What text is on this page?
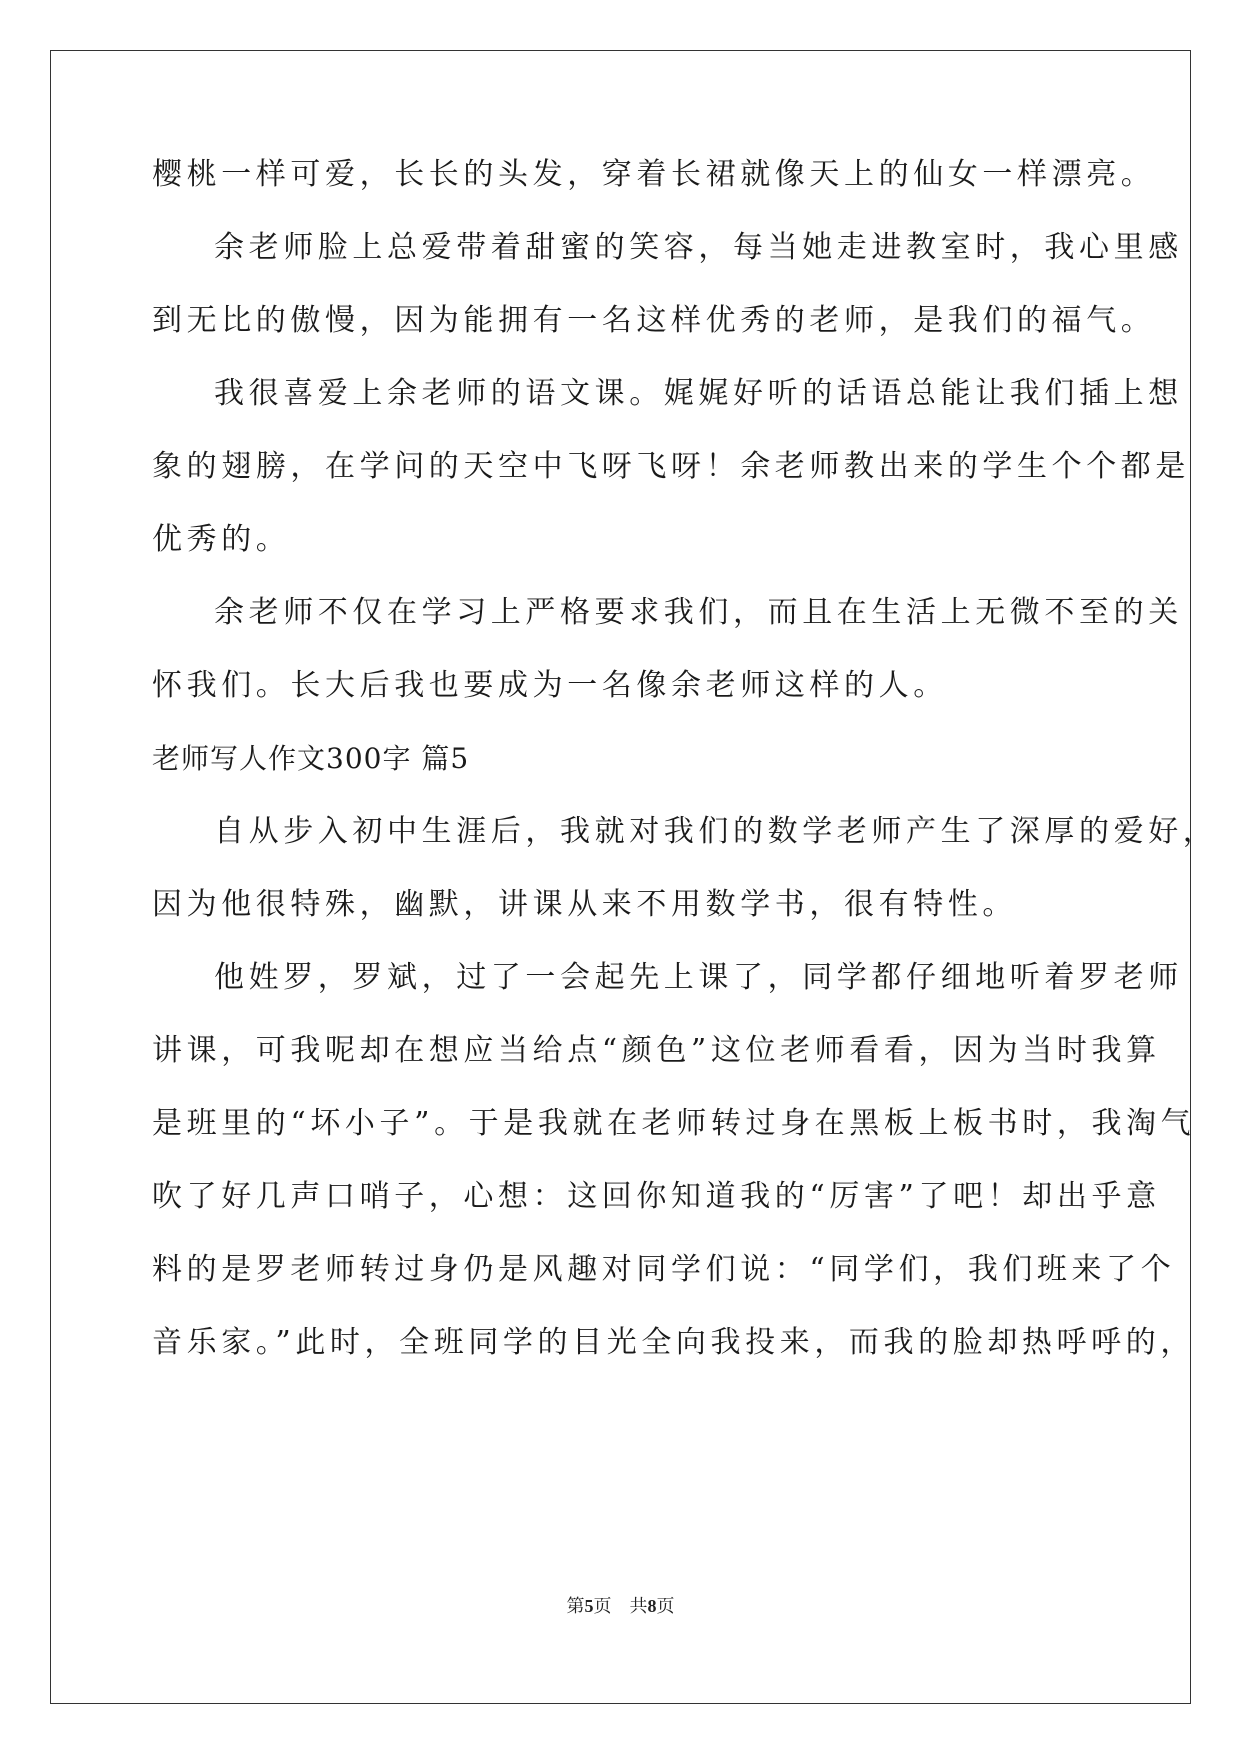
樱桃一样可爱，长长的头发，穿着长裙就像天上的仙女一样漂亮。
余老师脸上总爱带着甜蜜的笑容，每当她走进教室时，我心里感
到无比的傲慢，因为能拥有一名这样优秀的老师，是我们的福气。
我很喜爱上余老师的语文课。娓娓好听的话语总能让我们插上想
象的翅膀，在学问的天空中飞呀飞呀！余老师教出来的学生个个都是
优秀的。
余老师不仅在学习上严格要求我们，而且在生活上无微不至的关
怀我们。长大后我也要成为一名像余老师这样的人。
老师写人作文300字 篇5
自从步入初中生涯后，我就对我们的数学老师产生了深厚的爱好，
因为他很特殊，幽默，讲课从来不用数学书，很有特性。
他姓罗，罗斌，过了一会起先上课了，同学都仔细地听着罗老师
讲课，可我呢却在想应当给点“颜色”这位老师看看，因为当时我算
是班里的“坏小子”。于是我就在老师转过身在黑板上板书时，我淘气
吹了好几声口哨子，心想：这回你知道我的“厉害”了吧！却出乎意
料的是罗老师转过身仍是风趣对同学们说：“同学们，我们班来了个
音乐家。”此时，全班同学的目光全向我投来，而我的脸却热呼呼的，
第5页 共8页
